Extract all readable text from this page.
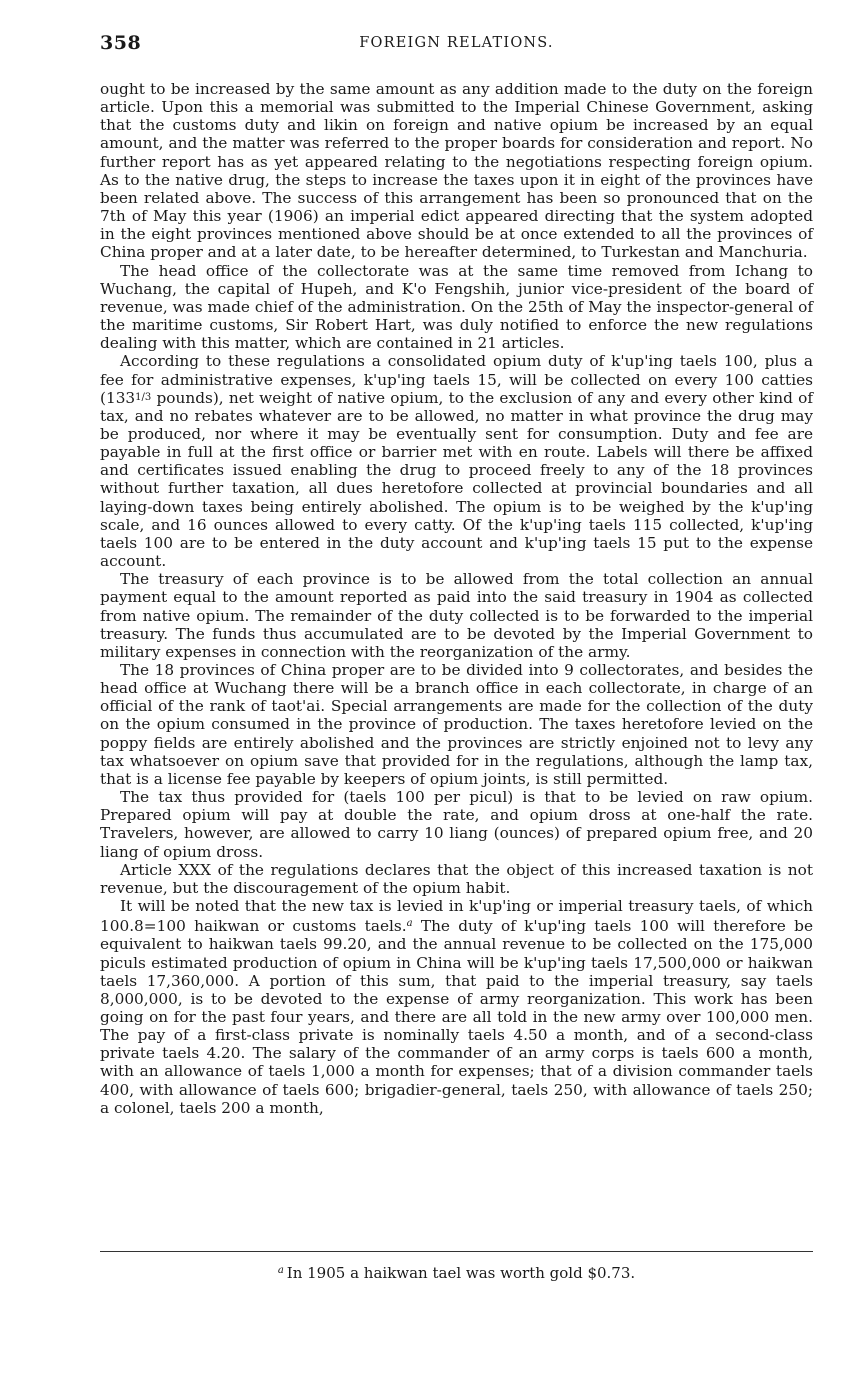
358	FOREIGN RELATIONS.

ought to be increased by the same amount as any addition made to the duty on the foreign article. Upon this a memorial was submitted to the Imperial Chinese Government, asking that the customs duty and likin on foreign and native opium be increased by an equal amount, and the matter was referred to the proper boards for consideration and report. No further report has as yet appeared relating to the negotiations respecting foreign opium. As to the native drug, the steps to increase the taxes upon it in eight of the provinces have been related above. The success of this arrangement has been so pronounced that on the 7th of May this year (1906) an imperial edict appeared directing that the system adopted in the eight provinces mentioned above should be at once extended to all the provinces of China proper and at a later date, to be hereafter determined, to Turkestan and Manchuria.

The head office of the collectorate was at the same time removed from Ichang to Wuchang, the capital of Hupeh, and K'o Fengshih, junior vice-president of the board of revenue, was made chief of the administration. On the 25th of May the inspector-general of the maritime customs, Sir Robert Hart, was duly notified to enforce the new regulations dealing with this matter, which are contained in 21 articles.

According to these regulations a consolidated opium duty of k'up'ing taels 100, plus a fee for administrative expenses, k'up'ing taels 15, will be collected on every 100 catties (1331/3 pounds), net weight of native opium, to the exclusion of any and every other kind of tax, and no rebates whatever are to be allowed, no matter in what province the drug may be produced, nor where it may be eventually sent for consumption. Duty and fee are payable in full at the first office or barrier met with en route. Labels will there be affixed and certificates issued enabling the drug to proceed freely to any of the 18 provinces without further taxation, all dues heretofore collected at provincial boundaries and all laying-down taxes being entirely abolished. The opium is to be weighed by the k'up'ing scale, and 16 ounces allowed to every catty. Of the k'up'ing taels 115 collected, k'up'ing taels 100 are to be entered in the duty account and k'up'ing taels 15 put to the expense account.

The treasury of each province is to be allowed from the total collection an annual payment equal to the amount reported as paid into the said treasury in 1904 as collected from native opium. The remainder of the duty collected is to be forwarded to the imperial treasury. The funds thus accumulated are to be devoted by the Imperial Government to military expenses in connection with the reorganization of the army.

The 18 provinces of China proper are to be divided into 9 collectorates, and besides the head office at Wuchang there will be a branch office in each collectorate, in charge of an official of the rank of taot'ai. Special arrangements are made for the collection of the duty on the opium consumed in the province of production. The taxes heretofore levied on the poppy fields are entirely abolished and the provinces are strictly enjoined not to levy any tax whatsoever on opium save that provided for in the regulations, although the lamp tax, that is a license fee payable by keepers of opium joints, is still permitted.

The tax thus provided for (taels 100 per picul) is that to be levied on raw opium. Prepared opium will pay at double the rate, and opium dross at one-half the rate. Travelers, however, are allowed to carry 10 liang (ounces) of prepared opium free, and 20 liang of opium dross.

Article XXX of the regulations declares that the object of this increased taxation is not revenue, but the discouragement of the opium habit.

It will be noted that the new tax is levied in k'up'ing or imperial treasury taels, of which 100.8=100 haikwan or customs taels.$^a$ The duty of k'up'ing taels 100 will therefore be equivalent to haikwan taels 99.20, and the annual revenue to be collected on the 175,000 piculs estimated production of opium in China will be k'up'ing taels 17,500,000 or haikwan taels 17,360,000. A portion of this sum, that paid to the imperial treasury, say taels 8,000,000, is to be devoted to the expense of army reorganization. This work has been going on for the past four years, and there are all told in the new army over 100,000 men. The pay of a first-class private is nominally taels 4.50 a month, and of a second-class private taels 4.20. The salary of the commander of an army corps is taels 600 a month, with an allowance of taels 1,000 a month for expenses; that of a division commander taels 400, with allowance of taels 600; brigadier-general, taels 250, with allowance of taels 250; a colonel, taels 200 a month,

$^a$ In 1905 a haikwan tael was worth gold $0.73.
